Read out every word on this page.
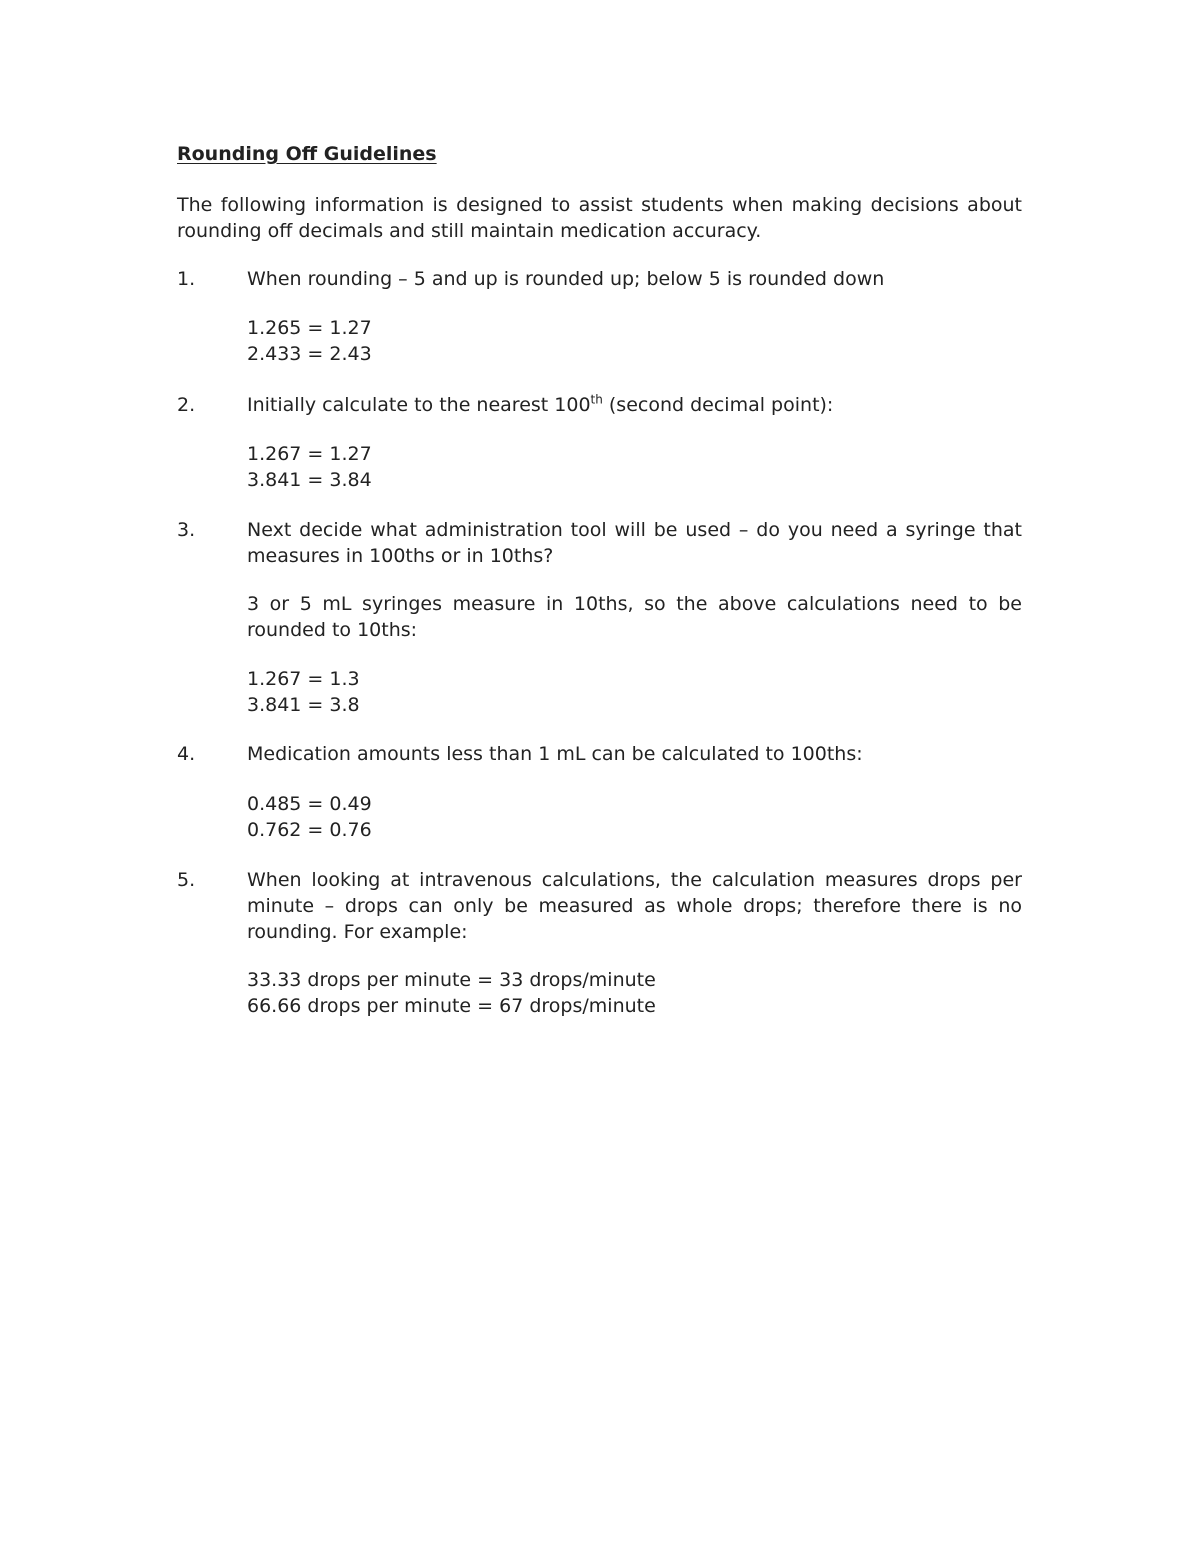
Rounding Off Guidelines
The following information is designed to assist students when making decisions about rounding off decimals and still maintain medication accuracy.
1.	When rounding – 5 and up is rounded up; below 5 is rounded down
1.265 = 1.27
2.433 = 2.43
2.	Initially calculate to the nearest 100th (second decimal point):
1.267 = 1.27
3.841 = 3.84
3.	Next decide what administration tool will be used – do you need a syringe that measures in 100ths or in 10ths?
3 or 5 mL syringes measure in 10ths, so the above calculations need to be rounded to 10ths:
1.267 = 1.3
3.841 = 3.8
4.	Medication amounts less than 1 mL can be calculated to 100ths:
0.485 = 0.49
0.762 = 0.76
5.	When looking at intravenous calculations, the calculation measures drops per minute – drops can only be measured as whole drops; therefore there is no rounding. For example:
33.33 drops per minute = 33 drops/minute
66.66 drops per minute = 67 drops/minute
